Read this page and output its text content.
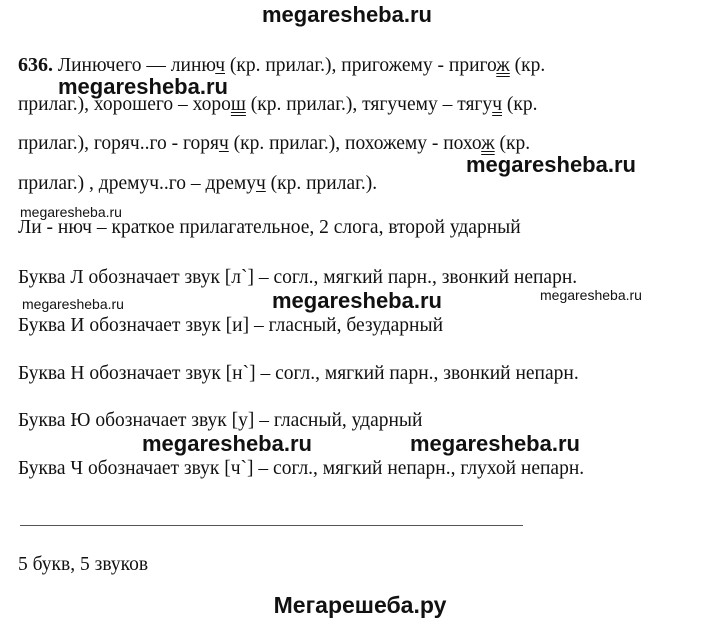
megaresheba.ru
636. Линючего — линюч (кр. прилаг.), пригожему - пригож (кр.
прилаг.), хорошего – хорош (кр. прилаг.), тягучему – тягуч (кр.
прилаг.), горяч..го - горяч (кр. прилаг.), похожему - похож (кр.
прилаг.) , дремуч..го – дремуч (кр. прилаг.).
megaresheba.ru
megaresheba.ru
megaresheba.ru
Ли - нюч – краткое прилагательное, 2 слога, второй ударный
Буква Л обозначает звук [л`] – согл., мягкий парн., звонкий непарн.
megaresheba.ru	megaresheba.ru	megaresheba.ru
Буква И обозначает звук [и] – гласный, безударный
Буква Н обозначает звук [н`] – согл., мягкий парн., звонкий непарн.
Буква Ю обозначает звук [у] – гласный, ударный
megaresheba.ru	megaresheba.ru
Буква Ч обозначает звук [ч`] – согл., мягкий непарн., глухой непарн.
5 букв, 5 звуков
Мегарешеба.ру
